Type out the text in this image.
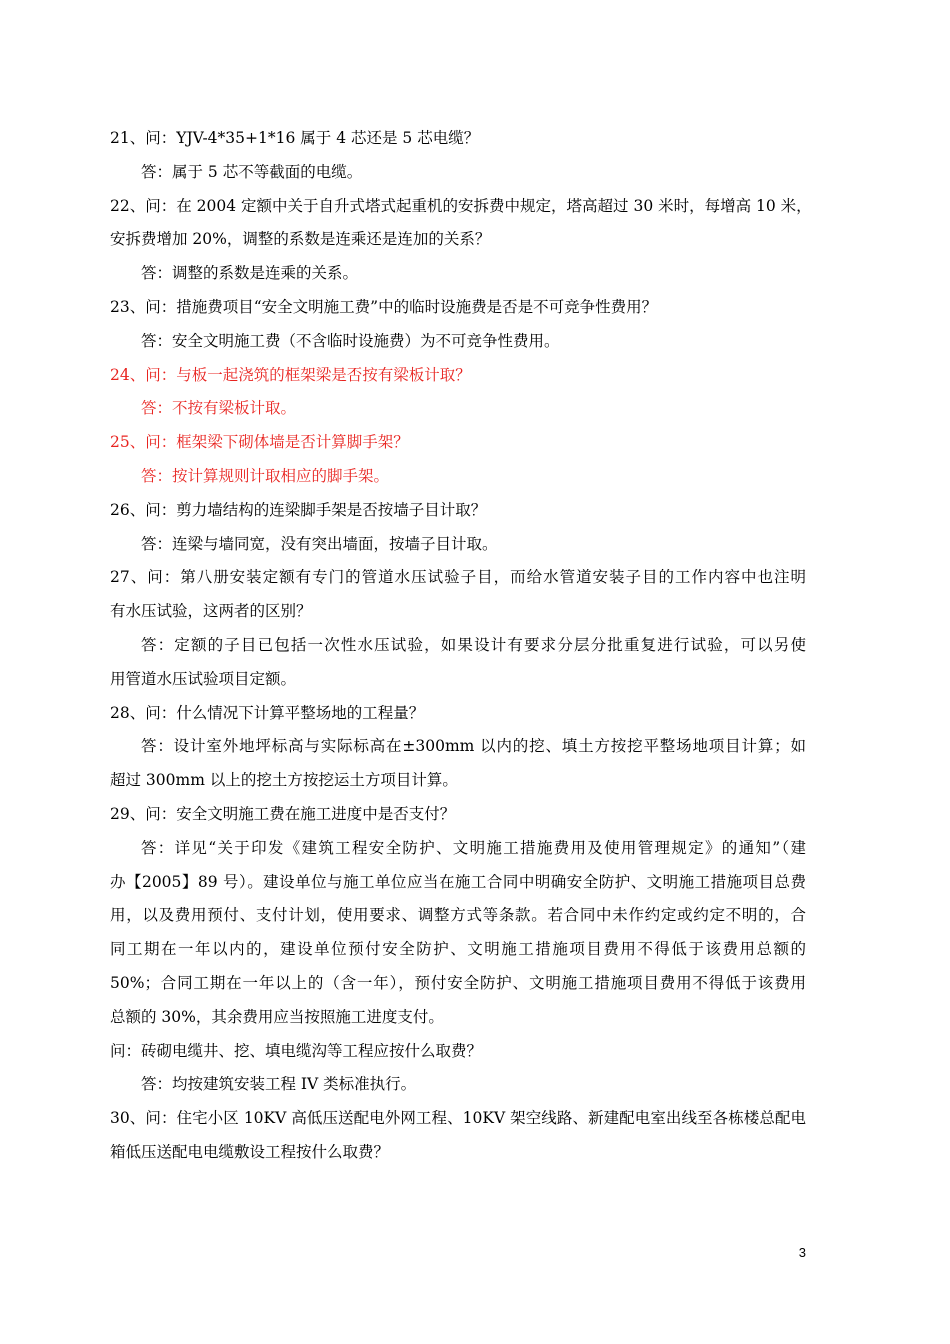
21、问：YJV-4*35+1*16 属于 4 芯还是 5 芯电缆？
答：属于 5 芯不等截面的电缆。
22、问：在 2004 定额中关于自升式塔式起重机的安拆费中规定，塔高超过 30 米时，每增高 10 米，
安拆费增加 20%，调整的系数是连乘还是连加的关系？
答：调整的系数是连乘的关系。
23、问：措施费项目“安全文明施工费”中的临时设施费是否是不可竞争性费用？
答：安全文明施工费（不含临时设施费）为不可竞争性费用。
24、问：与板一起浇筑的框架梁是否按有梁板计取？
答：不按有梁板计取。
25、问：框架梁下砌体墙是否计算脚手架？
答：按计算规则计取相应的脚手架。
26、问：剪力墙结构的连梁脚手架是否按墙子目计取？
答：连梁与墙同宽，没有突出墙面，按墙子目计取。
27、问：第八册安装定额有专门的管道水压试验子目，而给水管道安装子目的工作内容中也注明
有水压试验，这两者的区别？
答：定额的子目已包括一次性水压试验，如果设计有要求分层分批重复进行试验，可以另使
用管道水压试验项目定额。
28、问：什么情况下计算平整场地的工程量？
答：设计室外地坪标高与实际标高在±300mm 以内的挖、填土方按挖平整场地项目计算；如
超过 300mm 以上的挖土方按挖运土方项目计算。
29、问：安全文明施工费在施工进度中是否支付？
答：详见“关于印发《建筑工程安全防护、文明施工措施费用及使用管理规定》的通知”（建
办【2005】89 号）。建设单位与施工单位应当在施工合同中明确安全防护、文明施工措施项目总费
用，以及费用预付、支付计划，使用要求、调整方式等条款。若合同中未作约定或约定不明的，合
同工期在一年以内的，建设单位预付安全防护、文明施工措施项目费用不得低于该费用总额的
50%；合同工期在一年以上的（含一年），预付安全防护、文明施工措施项目费用不得低于该费用
总额的 30%，其余费用应当按照施工进度支付。
问：砖砌电缆井、挖、填电缆沟等工程应按什么取费？
答：均按建筑安装工程 IV 类标准执行。
30、问：住宅小区 10KV 高低压送配电外网工程、10KV 架空线路、新建配电室出线至各栋楼总配电
箱低压送配电电缆敷设工程按什么取费？
3
